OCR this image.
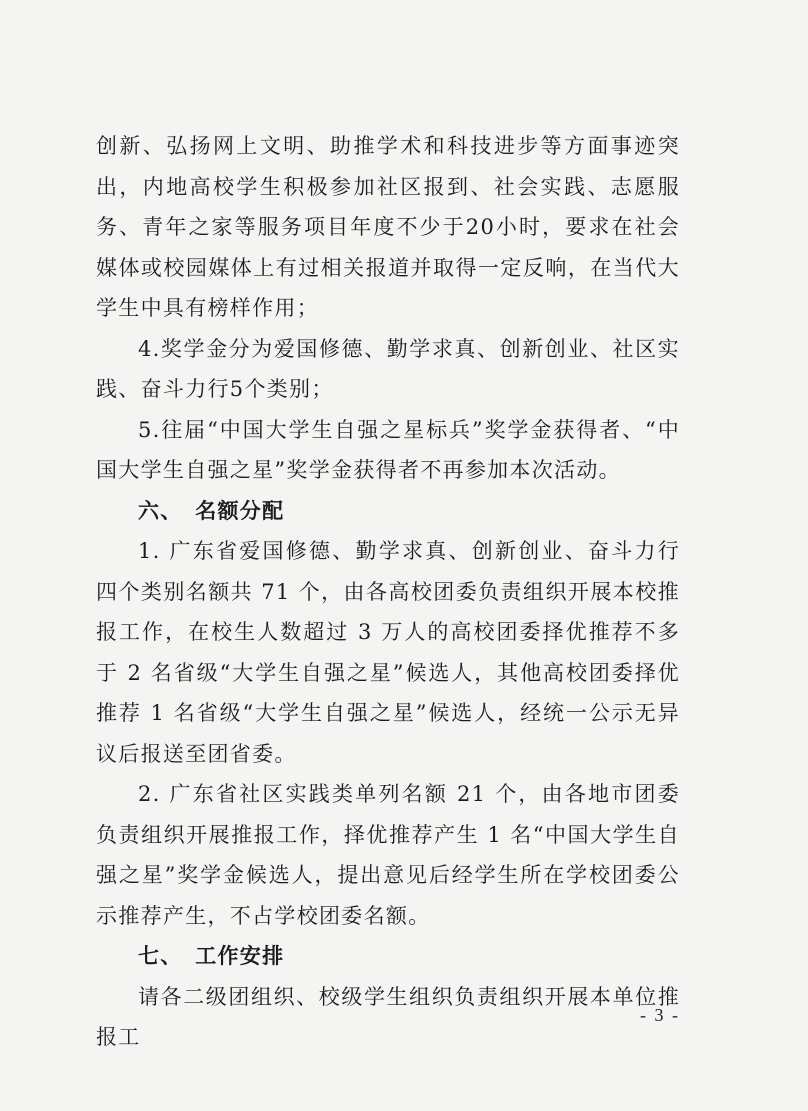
创新、弘扬网上文明、助推学术和科技进步等方面事迹突出，内地高校学生积极参加社区报到、社会实践、志愿服务、青年之家等服务项目年度不少于20小时，要求在社会媒体或校园媒体上有过相关报道并取得一定反响，在当代大学生中具有榜样作用；

4.奖学金分为爱国修德、勤学求真、创新创业、社区实践、奋斗力行5个类别；

5.往届“中国大学生自强之星标兵”奖学金获得者、“中国大学生自强之星”奖学金获得者不再参加本次活动。

六、 名额分配

1. 广东省爱国修德、勤学求真、创新创业、奋斗力行四个类别名额共 71 个，由各高校团委负责组织开展本校推报工作，在校生人数超过 3 万人的高校团委择优推荐不多于 2 名省级“大学生自强之星”候选人，其他高校团委择优推荐 1 名省级“大学生自强之星”候选人，经统一公示无异议后报送至团省委。

2. 广东省社区实践类单列名额 21 个，由各地市团委负责组织开展推报工作，择优推荐产生 1 名“中国大学生自强之星”奖学金候选人，提出意见后经学生所在学校团委公示推荐产生，不占学校团委名额。

七、 工作安排

请各二级团组织、校级学生组织负责组织开展本单位推报工

- 3 -
